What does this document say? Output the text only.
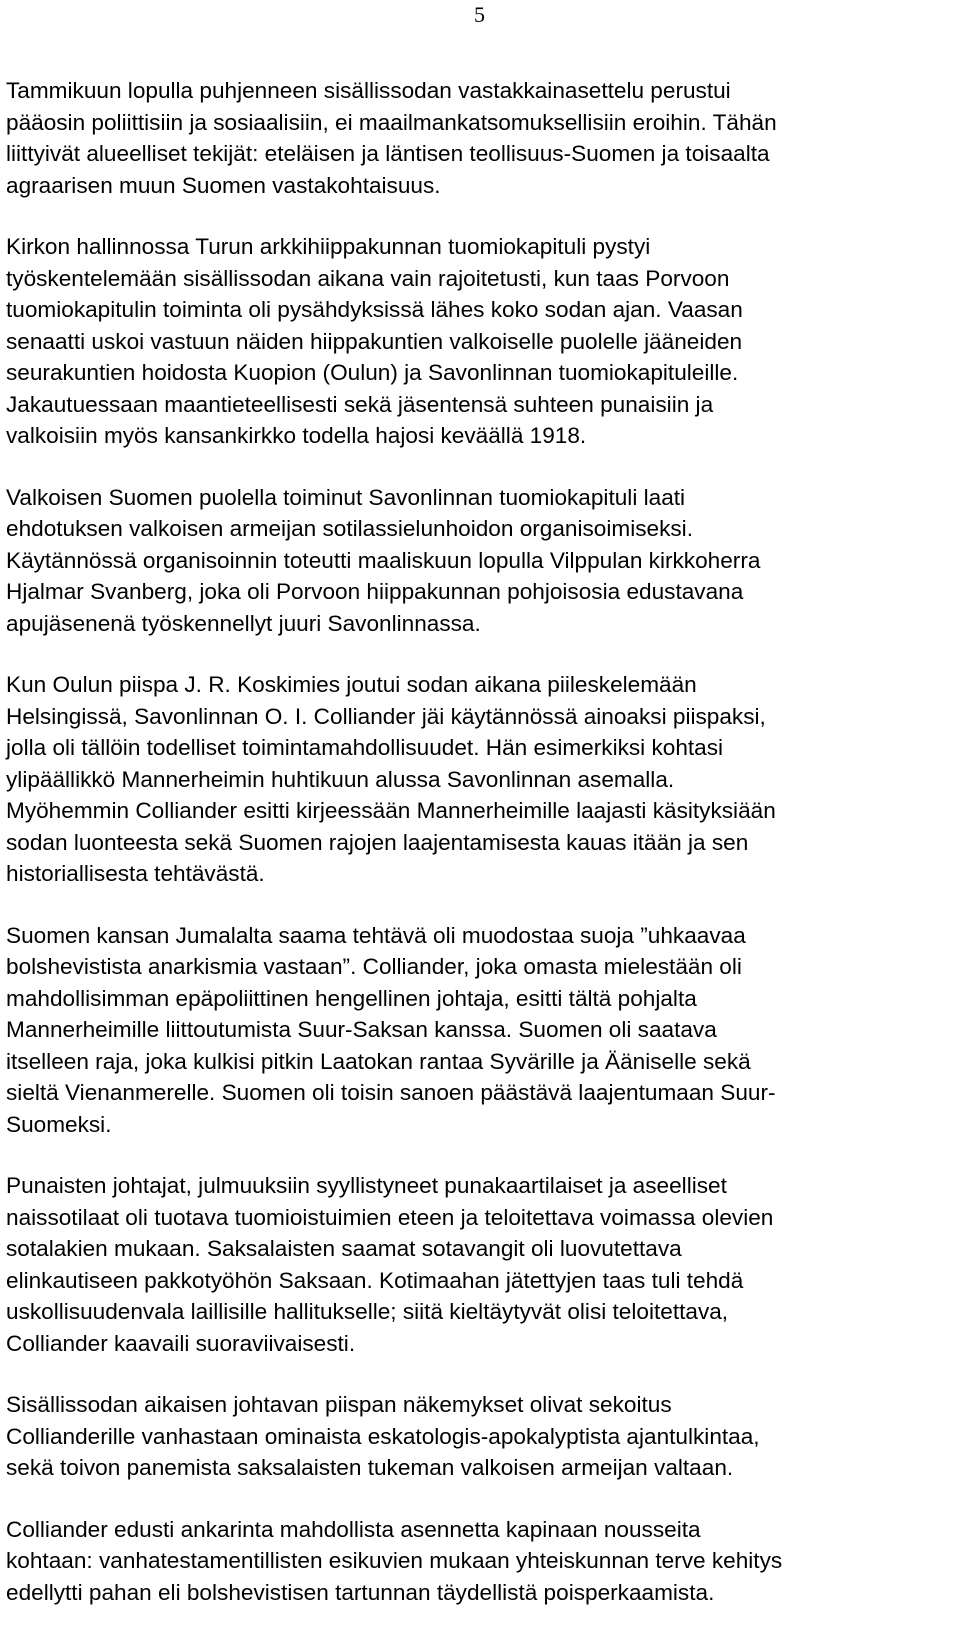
5

Tammikuun lopulla puhjenneen sisällissodan vastakkainasettelu perustui
pääosin poliittisiin ja sosiaalisiin, ei maailmankatsomuksellisiin eroihin. Tähän
liittyivät alueelliset tekijät: eteläisen ja läntisen teollisuus-Suomen ja toisaalta
agraarisen muun Suomen vastakohtaisuus.

Kirkon hallinnossa Turun arkkihiippakunnan tuomiokapituli pystyi
työskentelemään sisällissodan aikana vain rajoitetusti, kun taas Porvoon
tuomiokapitulin toiminta oli pysähdyksissä lähes koko sodan ajan. Vaasan
senaatti uskoi vastuun näiden hiippakuntien valkoiselle puolelle jääneiden
seurakuntien hoidosta Kuopion (Oulun) ja Savonlinnan tuomiokapituleille.
Jakautuessaan maantieteellisesti sekä jäsentensä suhteen punaisiin ja
valkoisiin myös kansankirkko todella hajosi keväällä 1918.

Valkoisen Suomen puolella toiminut Savonlinnan tuomiokapituli laati
ehdotuksen valkoisen armeijan sotilassielunhoidon organisoimiseksi.
Käytännössä organisoinnin toteutti maaliskuun lopulla Vilppulan kirkkoherra
Hjalmar Svanberg, joka oli Porvoon hiippakunnan pohjoisosia edustavana
apujäsenenä työskennellyt juuri Savonlinnassa.

Kun Oulun piispa J. R. Koskimies joutui sodan aikana piileskelemään
Helsingissä, Savonlinnan O. I. Colliander jäi käytännössä ainoaksi piispaksi,
jolla oli tällöin todelliset toimintamahdollisuudet. Hän esimerkiksi kohtasi
ylipäällikkö Mannerheimin huhtikuun alussa Savonlinnan asemalla.
Myöhemmin Colliander esitti kirjeessään Mannerheimille laajasti käsityksiään
sodan luonteesta sekä Suomen rajojen laajentamisesta kauas itään ja sen
historiallisesta tehtävästä.

Suomen kansan Jumalalta saama tehtävä oli muodostaa suoja ”uhkaavaa
bolshevistista anarkismia vastaan”. Colliander, joka omasta mielestään oli
mahdollisimman epäpoliittinen hengellinen johtaja, esitti tältä pohjalta
Mannerheimille liittoutumista Suur-Saksan kanssa. Suomen oli saatava
itselleen raja, joka kulkisi pitkin Laatokan rantaa Syvärille ja Ääniselle sekä
sieltä Vienanmerelle. Suomen oli toisin sanoen päästävä laajentumaan Suur-
Suomeksi.

Punaisten johtajat, julmuuksiin syyllistyneet punakaartilaiset ja aseelliset
naissotilaat oli tuotava tuomioistuimien eteen ja teloitettava voimassa olevien
sotalakien mukaan. Saksalaisten saamat sotavangit oli luovutettava
elinkautiseen pakkotyöhön Saksaan. Kotimaahan jätettyjen taas tuli tehdä
uskollisuudenvala laillisille hallitukselle; siitä kieltäytyvät olisi teloitettava,
Colliander kaavaili suoraviivaisesti.

Sisällissodan aikaisen johtavan piispan näkemykset olivat sekoitus
Collianderille vanhastaan ominaista eskatologis-apokalyptista ajantulkintaa,
sekä toivon panemista saksalaisten tukeman valkoisen armeijan valtaan.

Colliander edusti ankarinta mahdollista asennetta kapinaan nousseita
kohtaan: vanhatestamentillisten esikuvien mukaan yhteiskunnan terve kehitys
edellytti pahan eli bolshevistisen tartunnan täydellistä poisperkaamista.
